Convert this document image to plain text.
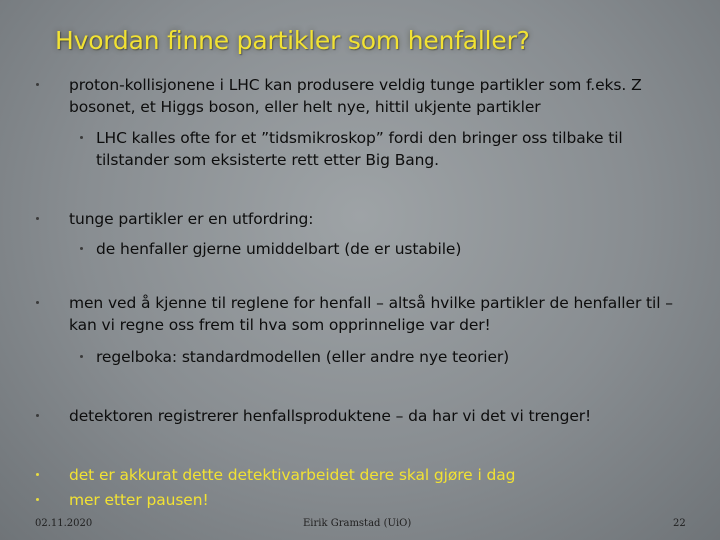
Hvordan finne partikler som henfaller?
proton-kollisjonene i LHC kan produsere veldig tunge partikler som f.eks. Z bosonet, et Higgs boson, eller helt nye, hittil ukjente partikler
LHC kalles ofte for et ”tidsmikroskop” fordi den bringer oss tilbake til tilstander som eksisterte rett etter Big Bang.
tunge partikler er en utfordring:
de henfaller gjerne umiddelbart (de er ustabile)
men ved å kjenne til reglene for henfall – altså hvilke partikler de henfaller til – kan vi regne oss frem til hva som opprinnelige var der!
regelboka: standardmodellen (eller andre nye teorier)
detektoren registrerer henfallsproduktene – da har vi det vi trenger!
det er akkurat dette detektivarbeidet dere skal gjøre i dag
mer etter pausen!
02.11.2020	Eirik Gramstad (UiO)	22
